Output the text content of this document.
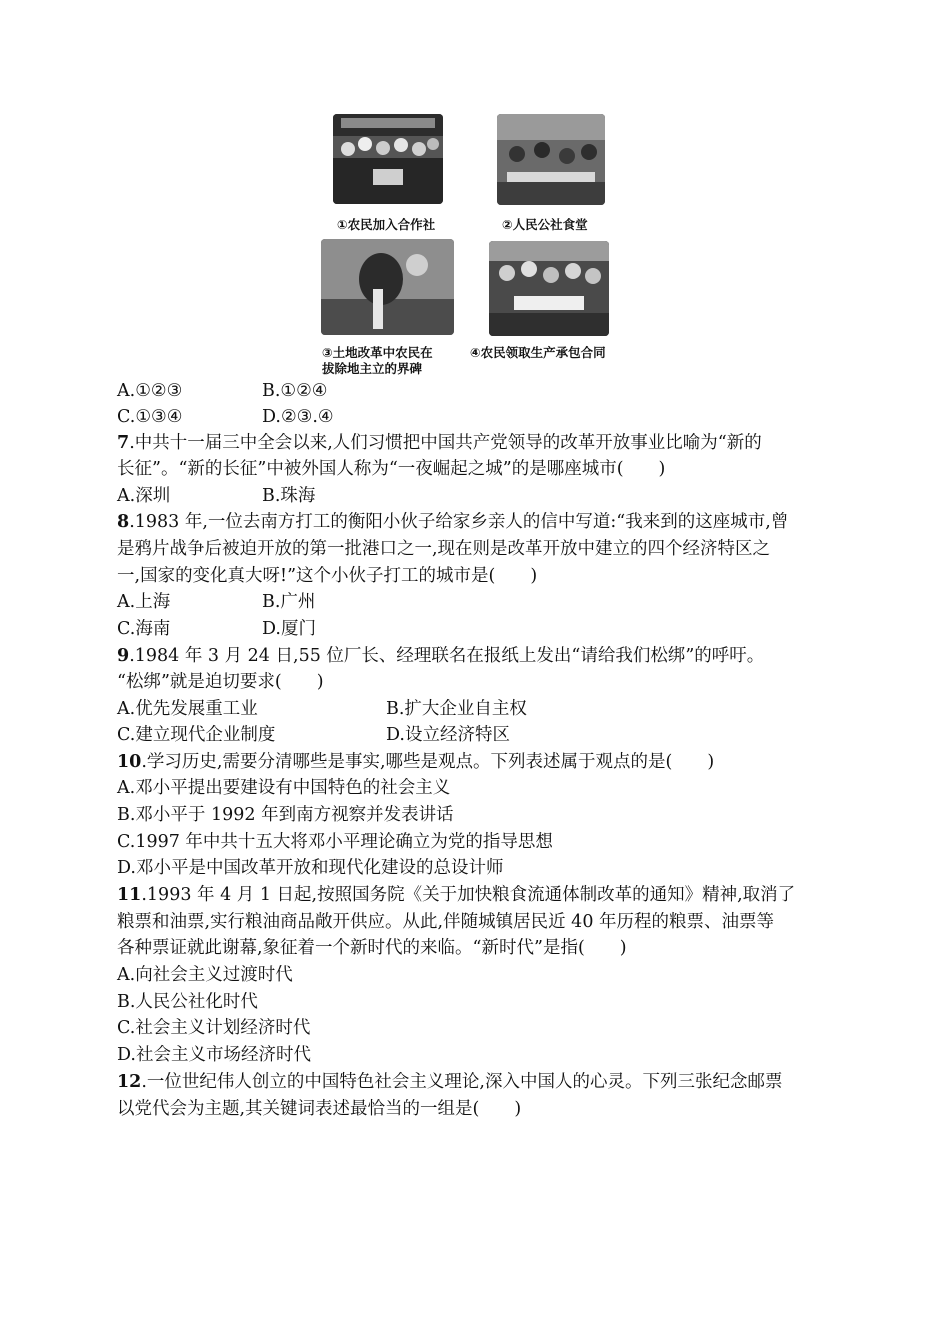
①农民加入合作社	②人民公社食堂
③土地改革中农民在	④农民领取生产承包合同
拔除地主立的界碑
A.①②③	B.①②④
C.①③④	D.②③.④
7.中共十一届三中全会以来,人们习惯把中国共产党领导的改革开放事业比喻为“新的
长征”。“新的长征”中被外国人称为“一夜崛起之城”的是哪座城市(　　)
A.深圳	B.珠海
8.1983 年,一位去南方打工的衡阳小伙子给家乡亲人的信中写道:“我来到的这座城市,曾
是鸦片战争后被迫开放的第一批港口之一,现在则是改革开放中建立的四个经济特区之
一,国家的变化真大呀!”这个小伙子打工的城市是(　　)
A.上海	B.广州
C.海南	D.厦门
9.1984 年 3 月 24 日,55 位厂长、经理联名在报纸上发出“请给我们松绑”的呼吁。
“松绑”就是迫切要求(　　)
A.优先发展重工业	B.扩大企业自主权
C.建立现代企业制度	D.设立经济特区
10.学习历史,需要分清哪些是事实,哪些是观点。下列表述属于观点的是(　　)
A.邓小平提出要建设有中国特色的社会主义
B.邓小平于 1992 年到南方视察并发表讲话
C.1997 年中共十五大将邓小平理论确立为党的指导思想
D.邓小平是中国改革开放和现代化建设的总设计师
11.1993 年 4 月 1 日起,按照国务院《关于加快粮食流通体制改革的通知》精神,取消了
粮票和油票,实行粮油商品敞开供应。从此,伴随城镇居民近 40 年历程的粮票、油票等
各种票证就此谢幕,象征着一个新时代的来临。“新时代”是指(　　)
A.向社会主义过渡时代
B.人民公社化时代
C.社会主义计划经济时代
D.社会主义市场经济时代
12.一位世纪伟人创立的中国特色社会主义理论,深入中国人的心灵。下列三张纪念邮票
以党代会为主题,其关键词表述最恰当的一组是(　　)
